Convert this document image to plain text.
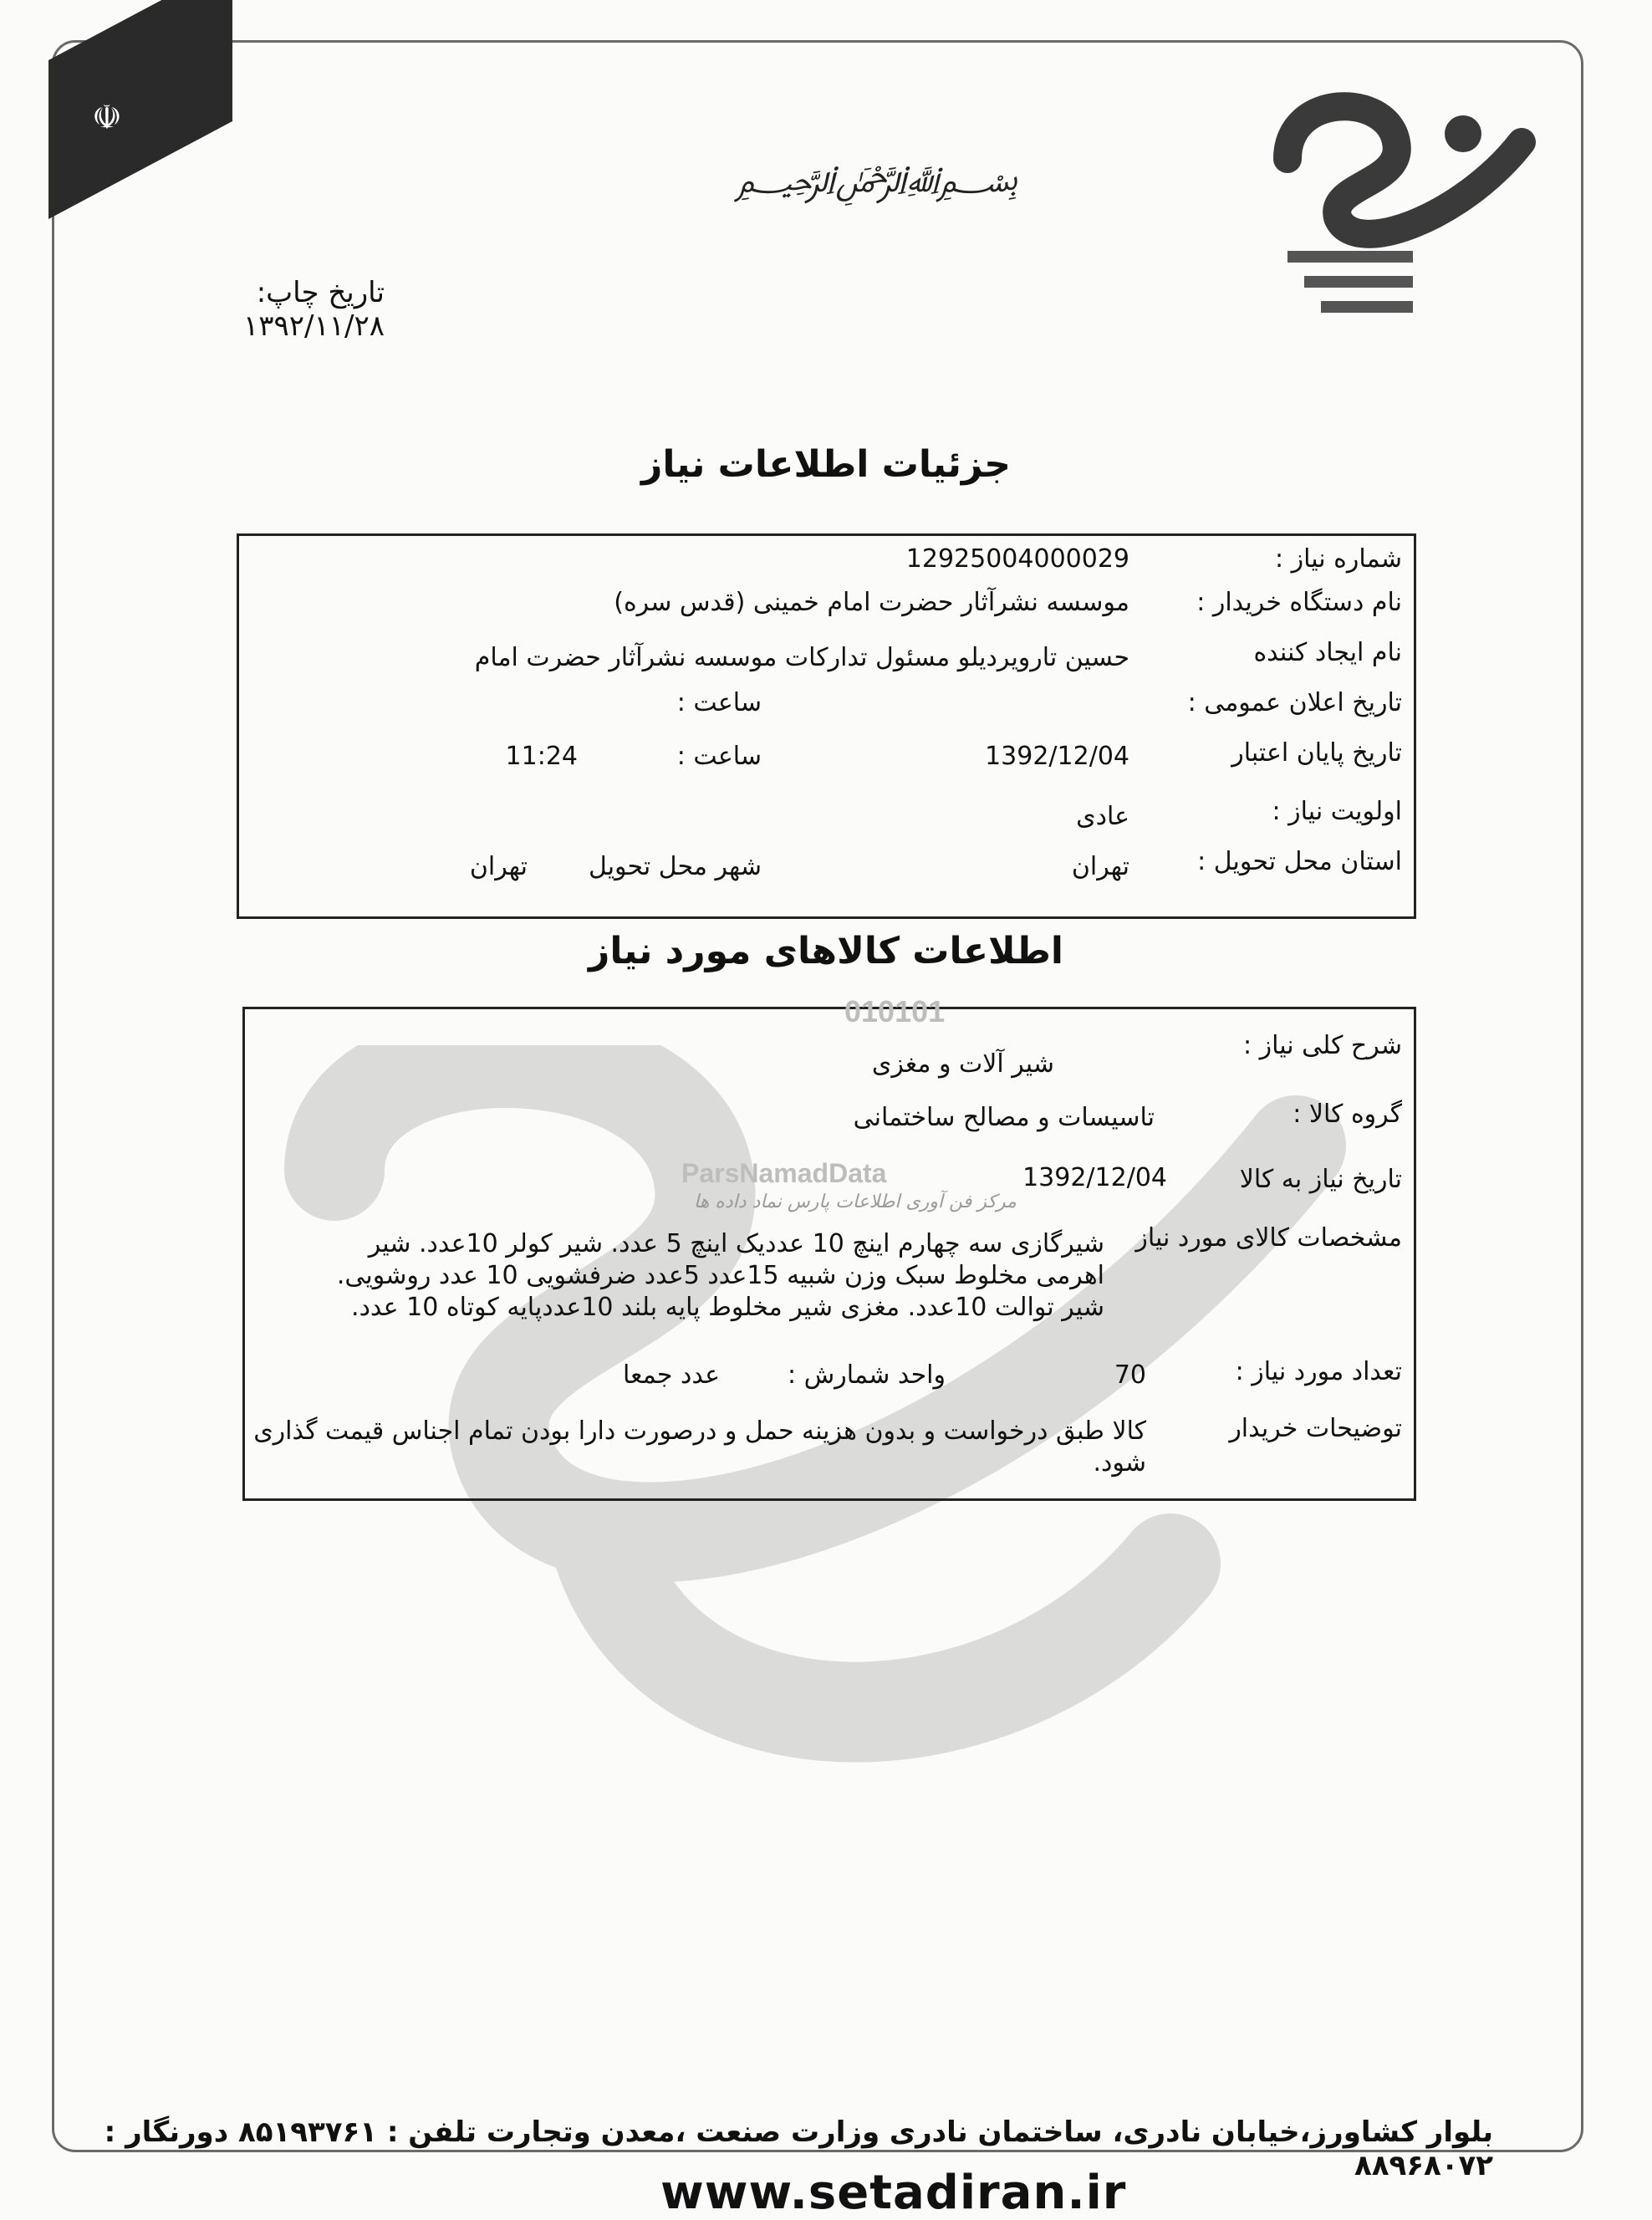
☫
﷽
تاریخ چاپ: ۱۳۹۲/۱۱/۲۸
جزئیات اطلاعات نیاز
شماره نیاز :
12925004000029
نام دستگاه خریدار :
موسسه نشرآثار حضرت امام خمینی (قدس سره)
نام ایجاد کننده
حسین تارویردیلو مسئول تدارکات موسسه نشرآثار حضرت امام
تاریخ اعلان عمومی :
ساعت :
تاریخ پایان اعتبار
1392/12/04
ساعت :
11:24
اولویت نیاز :
عادی
استان محل تحویل :
تهران
شهر محل تحویل
تهران
اطلاعات کالاهای مورد نیاز
شرح کلی نیاز :
شیر آلات و مغزی
گروه کالا :
تاسیسات و مصالح ساختمانی
تاریخ نیاز به کالا
1392/12/04
مشخصات کالای مورد نیاز
شیرگازی سه چهارم اینچ 10 عددیک اینچ 5 عدد. شیر کولر 10عدد. شیر
اهرمی مخلوط سبک وزن شبیه 15عدد 5عدد ضرفشویی 10 عدد روشویی.
شیر توالت 10عدد. مغزی شیر مخلوط پایه بلند 10عددپایه کوتاه 10 عدد.
تعداد مورد نیاز :
70
واحد شمارش :
عدد جمعا
توضیحات خریدار
کالا طبق درخواست و بدون هزینه حمل و درصورت دارا بودن تمام اجناس قیمت گذاری
شود.
010101
ParsNamadData
مرکز فن آوری اطلاعات پارس نماد داده ها
بلوار کشاورز،خیابان نادری، ساختمان نادری وزارت صنعت ،معدن وتجارت تلفن : ۸۵۱۹۳۷۶۱ دورنگار : ۸۸۹۶۸۰۷۲
www.setadiran.ir
